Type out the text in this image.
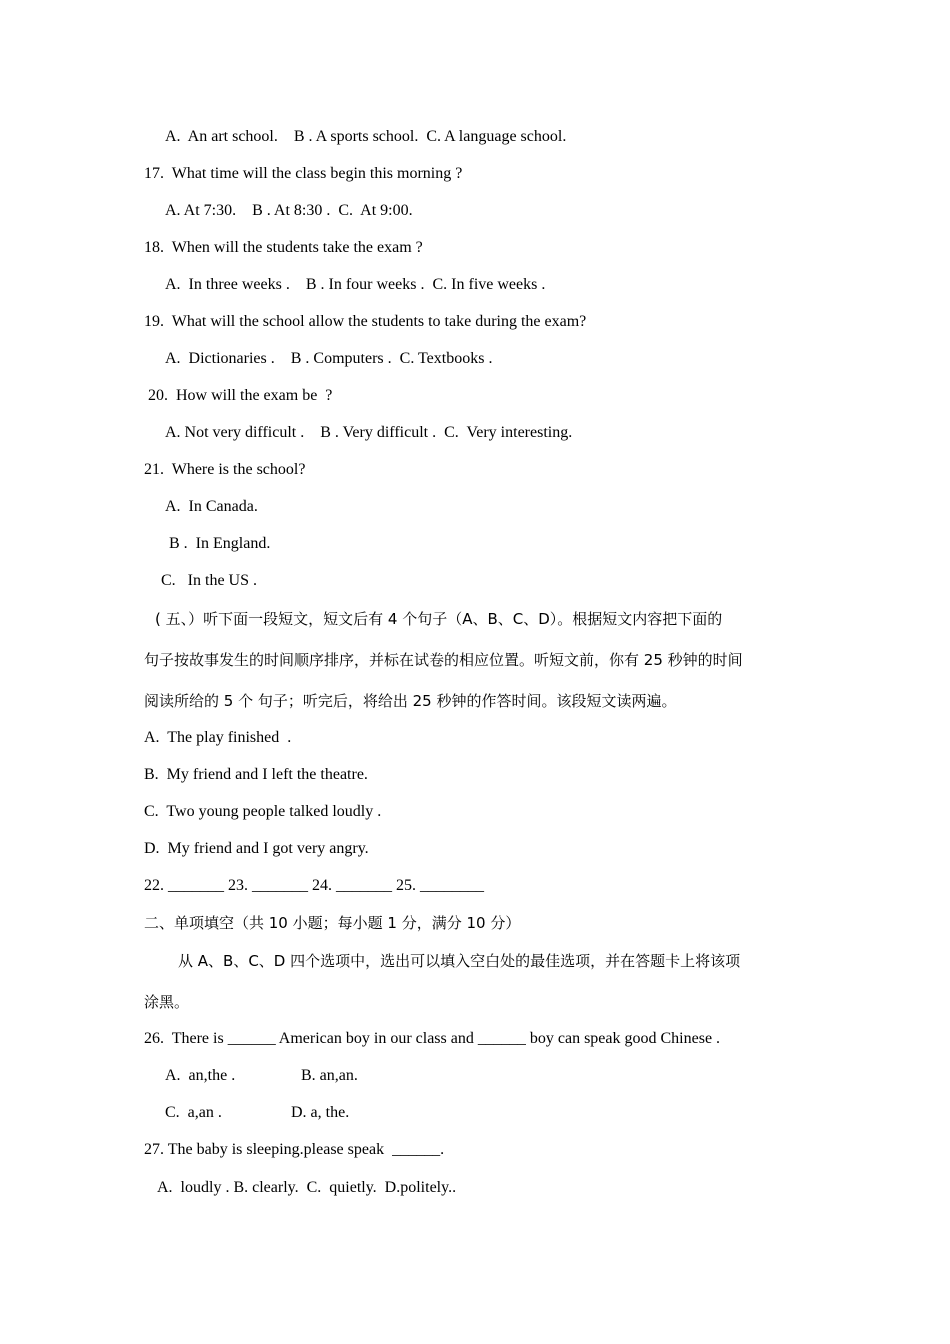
A.  An art school.    B . A sports school.  C. A language school.
17.  What time will the class begin this morning ?
A. At 7:30.    B . At 8:30 .  C.  At 9:00.
18.  When will the students take the exam ?
A.  In three weeks .    B . In four weeks .  C. In five weeks .
19.  What will the school allow the students to take during the exam?
A.  Dictionaries .    B . Computers .  C. Textbooks .
20.  How will the exam be  ?
A. Not very difficult .    B . Very difficult .  C.  Very interesting.
21.  Where is the school?
A.  In Canada.
B .  In England.
C.   In the US .
( 五、）听下面一段短文，短文后有 4 个句子（A、B、C、D）。根据短文内容把下面的
句子按故事发生的时间顺序排序，并标在试卷的相应位置。听短文前，你有 25 秒钟的时间
阅读所给的 5 个 句子；听完后，将给出 25 秒钟的作答时间。该段短文读两遍。
A.  The play finished  .
B.  My friend and I left the theatre.
C.  Two young people talked loudly .
D.  My friend and I got very angry.
22. _______ 23. _______ 24. _______ 25. ________
二、单项填空（共 10 小题；每小题 1 分，满分 10 分）
从 A、B、C、D 四个选项中，选出可以填入空白处的最佳选项，并在答题卡上将该项
涂黑。
26.  There is ______ American boy in our class and ______ boy can speak good Chinese .
A.  an,the .	B. an,an.
C.  a,an .	D. a, the.
27. The baby is sleeping.please speak  ______.
A.  loudly . B. clearly.  C.  quietly.  D.politely..
